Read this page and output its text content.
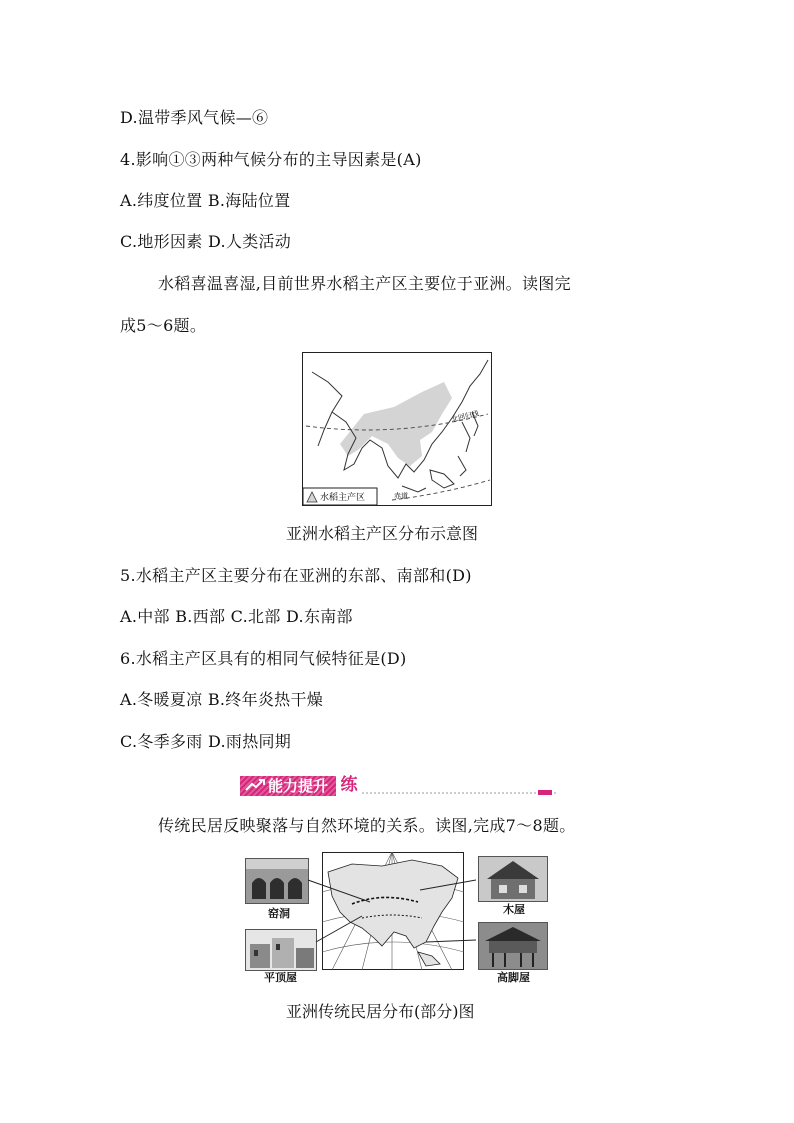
D.温带季风气候—⑥
4.影响①③两种气候分布的主导因素是(A)
A.纬度位置 B.海陆位置
C.地形因素 D.人类活动
水稻喜温喜湿,目前世界水稻主产区主要位于亚洲。读图完
成5～6题。
北回归线
赤道
水稻主产区
亚洲水稻主产区分布示意图
5.水稻主产区主要分布在亚洲的东部、南部和(D)
A.中部 B.西部 C.北部 D.东南部
6.水稻主产区具有的相同气候特征是(D)
A.冬暖夏凉 B.终年炎热干燥
C.冬季多雨 D.雨热同期
能力提升 练
传统民居反映聚落与自然环境的关系。读图,完成7～8题。
窑洞
平顶屋
木屋
高脚屋
亚洲传统民居分布(部分)图
